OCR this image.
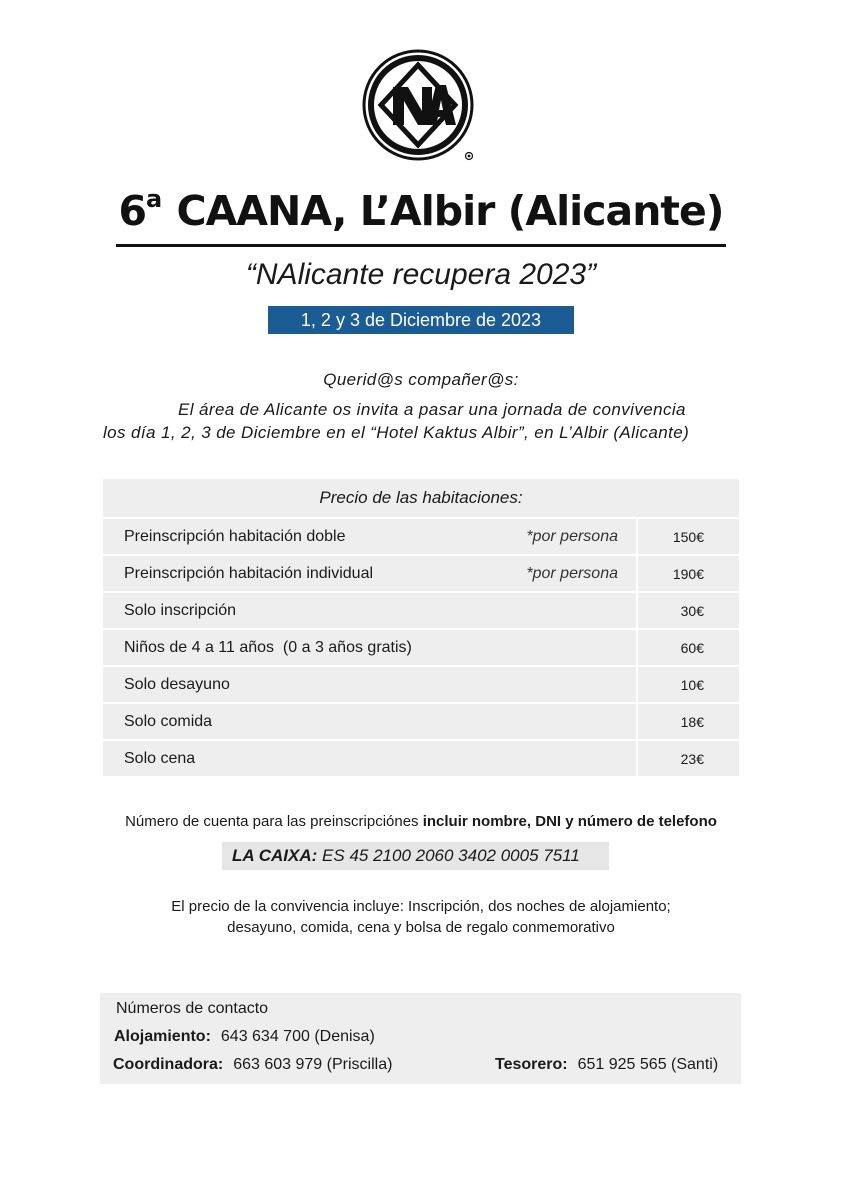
6$^a$ CAANA, L’Albir (Alicante)
“NAlicante recupera 2023”
1, 2 y 3 de Diciembre de 2023
Querid@s compañer@s:
El área de Alicante os invita a pasar una jornada de convivencia
los día 1, 2, 3 de Diciembre en el “Hotel Kaktus Albir”, en L’Albir (Alicante)
Precio de las habitaciones:
Preinscripción habitación doble	*por persona	150€
Preinscripción habitación individual	*por persona	190€
Solo inscripción	30€
Niños de 4 a 11 años  (0 a 3 años gratis)	60€
Solo desayuno	10€
Solo comida	18€
Solo cena	23€
Número de cuenta para las preinscripciónes incluir nombre, DNI y número de telefono
LA CAIXA: ES 45 2100 2060 3402 0005 7511
El precio de la convivencia incluye: Inscripción, dos noches de alojamiento;
desayuno, comida, cena y bolsa de regalo conmemorativo
Números de contacto
Alojamiento: 643 634 700 (Denisa)
Coordinadora: 663 603 979 (Priscilla)	Tesorero: 651 925 565 (Santi)
